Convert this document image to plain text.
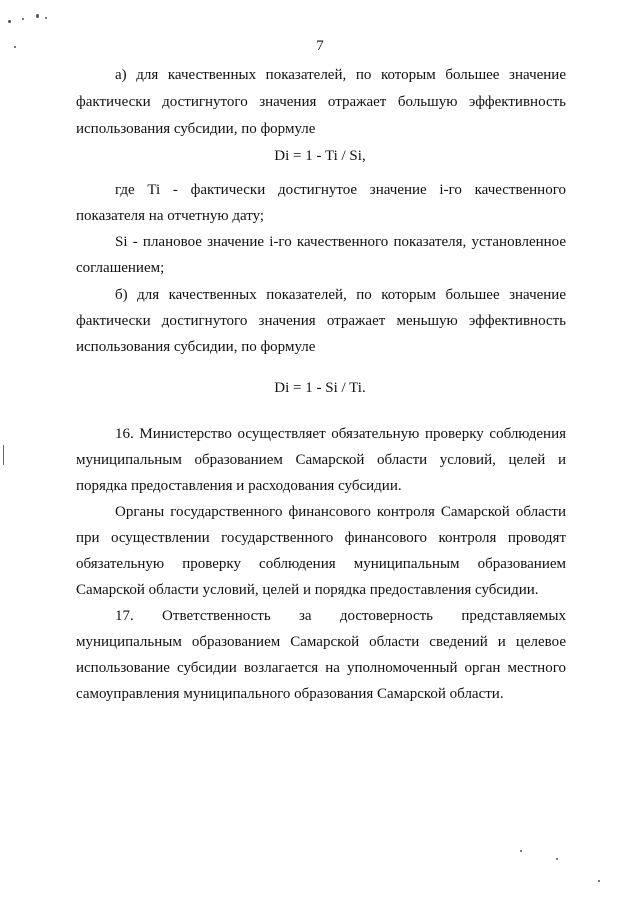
7
а) для качественных показателей, по которым большее значение
фактически достигнутого значения отражает большую эффективность
использования субсидии, по формуле
Di = 1 - Ti / Si,
где Ti - фактически достигнутое значение i-го качественного
показателя на отчетную дату;
Si - плановое значение i-го качественного показателя, установленное
соглашением;
б) для качественных показателей, по которым большее значение
фактически достигнутого значения отражает меньшую эффективность
использования субсидии, по формуле
Di = 1 - Si / Ti.
16. Министерство осуществляет обязательную проверку соблюдения
муниципальным образованием Самарской области условий, целей и
порядка предоставления и расходования субсидии.
Органы государственного финансового контроля Самарской области
при осуществлении государственного финансового контроля проводят
обязательную проверку соблюдения муниципальным образованием
Самарской области условий, целей и порядка предоставления субсидии.
17. Ответственность за достоверность представляемых
муниципальным образованием Самарской области сведений и целевое
использование субсидии возлагается на уполномоченный орган местного
самоуправления муниципального образования Самарской области.
